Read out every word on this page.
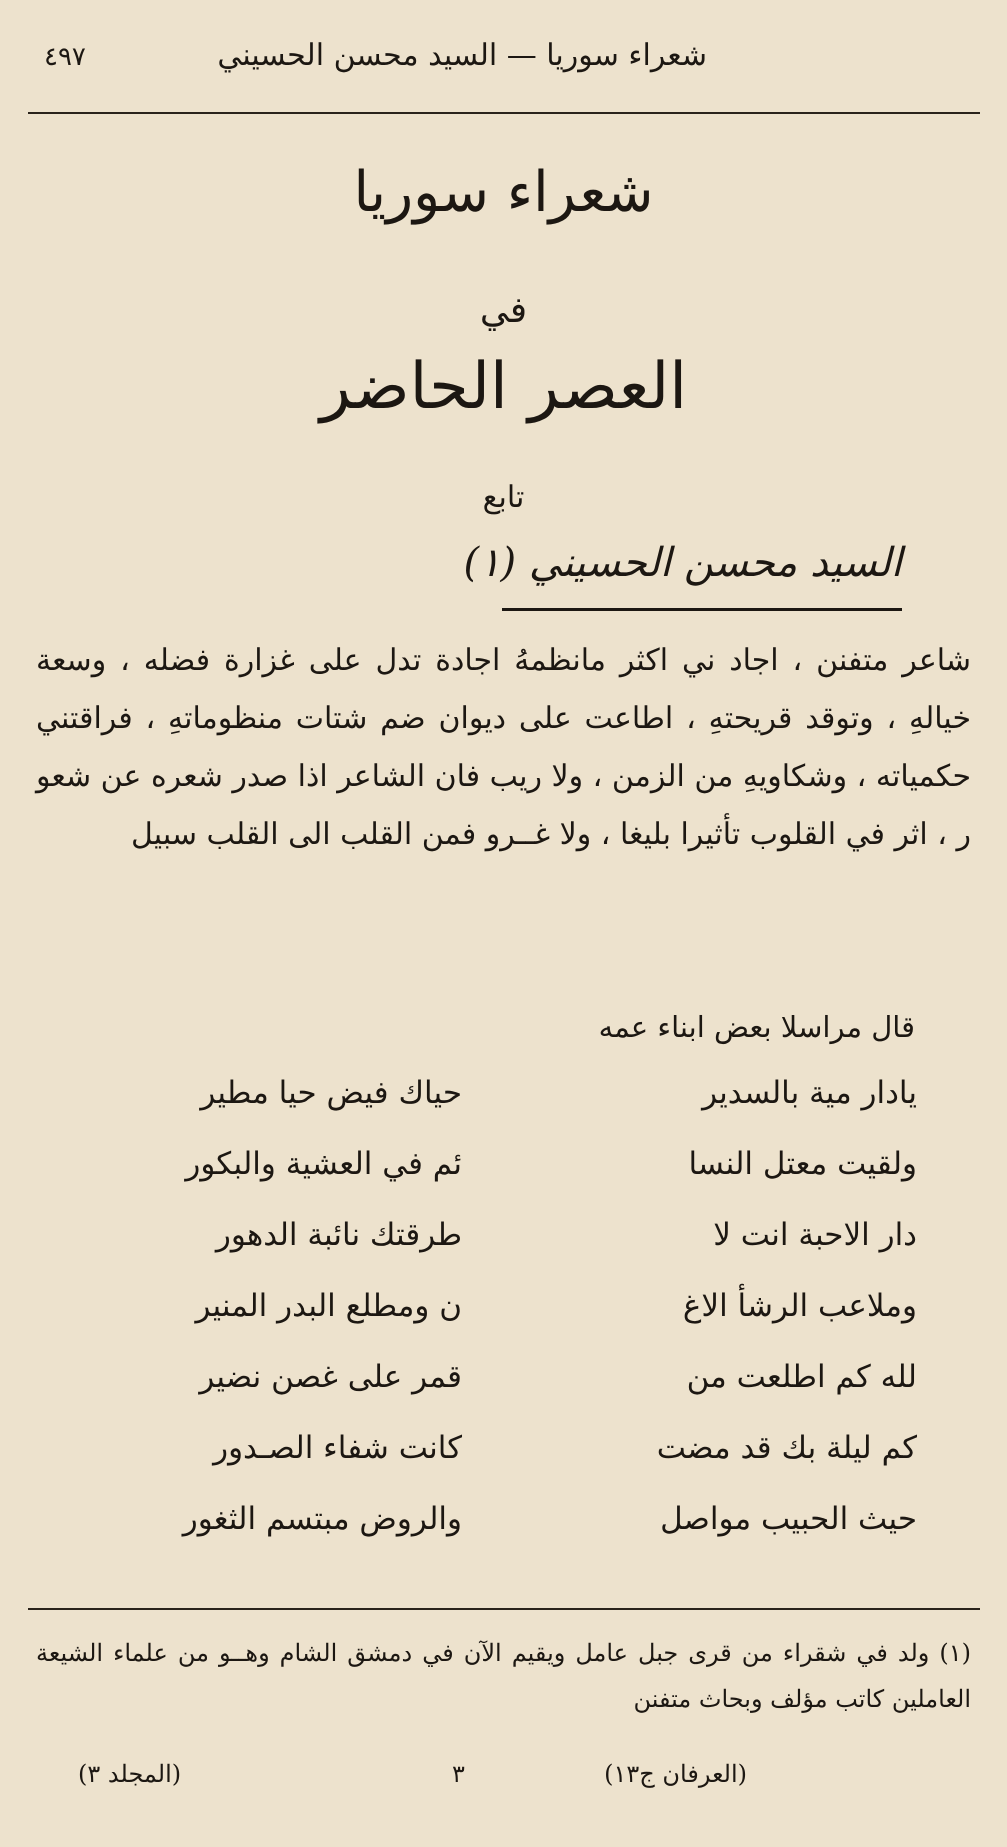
شعراء سوريا — السيد محسن الحسيني
٤٩٧
شعراء سوريا
في
العصر الحاضر
تابع
السيد محسن الحسيني (١)

شاعر متفنن ، اجاد ني اكثر مانظمهُ اجادة تدل على غزارة فضله ، وسعة خيالهِ ، وتوقد قريحتهِ ، اطاعت على ديوان ضم شتات منظوماتهِ ، فراقتني حكمياته ، وشكاويهِ من الزمن ، ولا ريب فان الشاعر اذا صدر شعره عن شعو ر ، اثر في القلوب تأثيرا بليغا ، ولا غــرو فمن القلب الى القلب سبيل

قال مراسلا بعض ابناء عمه
يادار مية بالسدير
حياك فيض حيا مطير
ولقيت معتل النسا
ئم في العشية والبكور
دار الاحبة انت لا
طرقتك نائبة الدهور
وملاعب الرشأ الاغ
ن ومطلع البدر المنير
لله كم اطلعت من
قمر على غصن نضير
كم ليلة بك قد مضت
كانت شفاء الصـدور
حيث الحبيب مواصل
والروض مبتسم الثغور

(١) ولد في شقراء من قرى جبل عامل ويقيم الآن في دمشق الشام وهــو من علماء الشيعة العاملين كاتب مؤلف وبحاث متفنن

(العرفان ج١٣)
٣
(المجلد ٣)
